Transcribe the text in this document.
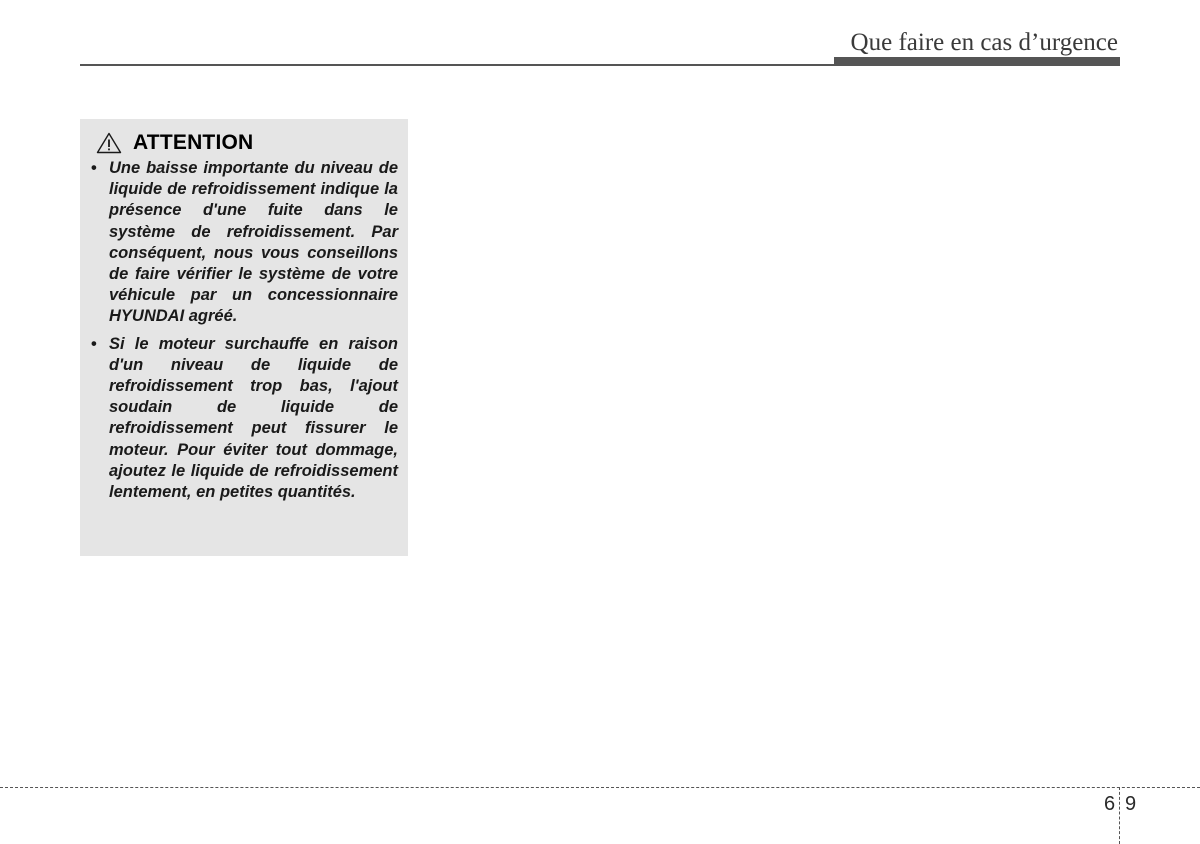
Que faire en cas d’urgence
ATTENTION
• Une baisse importante du niveau de liquide de refroidissement indique la présence d'une fuite dans le système de refroidissement. Par conséquent, nous vous conseillons de faire vérifier le système de votre véhicule par un concessionnaire HYUNDAI agréé.
• Si le moteur surchauffe en raison d'un niveau de liquide de refroidissement trop bas, l'ajout soudain de liquide de refroidissement peut fissurer le moteur. Pour éviter tout dommage, ajoutez le liquide de refroidissement lentement, en petites quantités.
6 9
